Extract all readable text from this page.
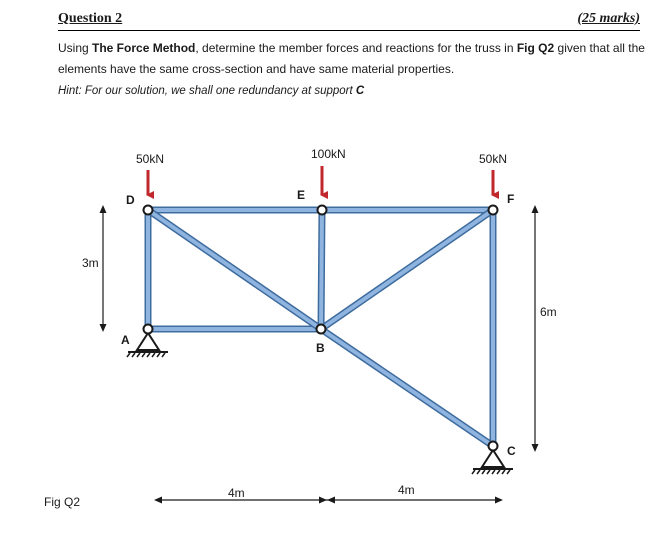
Question 2	(25 marks)
Using The Force Method, determine the member forces and reactions for the truss in Fig Q2 given that all the elements have the same cross-section and have same material properties.
Hint: For our solution, we shall one redundancy at support C
50kN	100kN	50kN
D	E	F
A
B
C
3m
6m
4m	4m
Fig Q2
